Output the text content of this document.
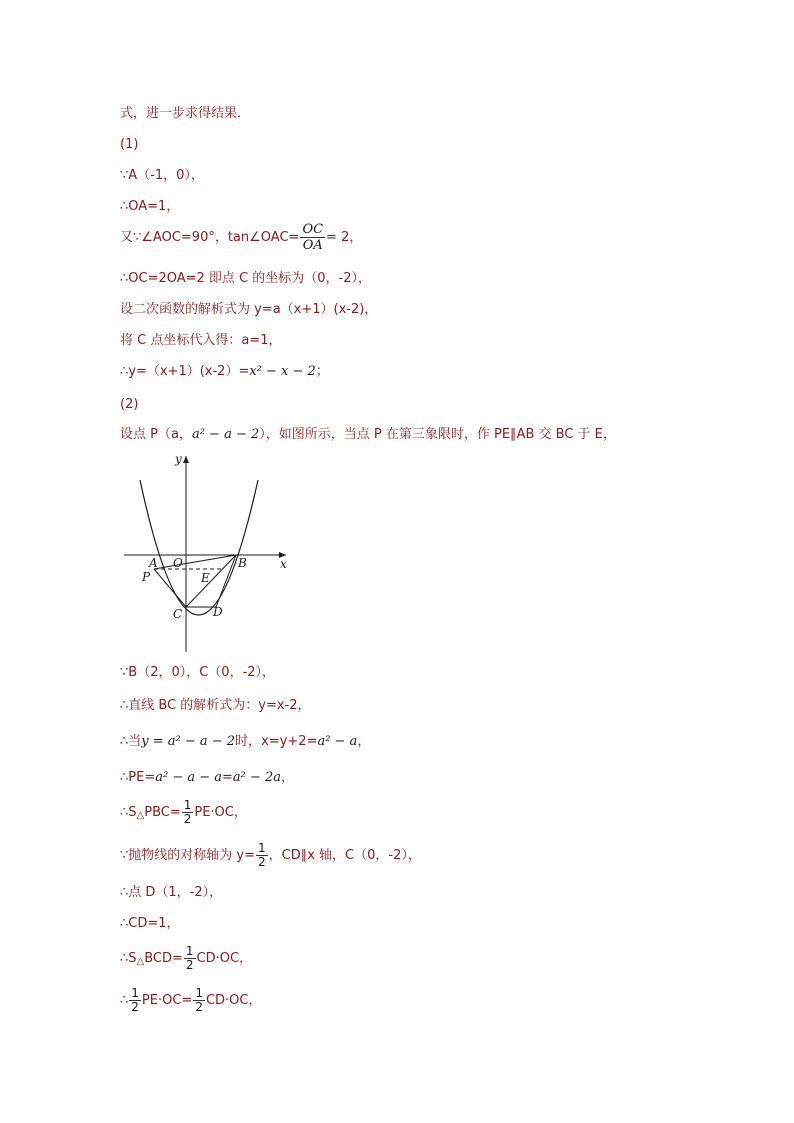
式，进一步求得结果．
(1)
∵A（-1，0），
∴OA=1，
又∵∠AOC=90°，tan∠OAC= $\frac{OC}{OA} = 2$，
∴OC=2OA=2 即点 C 的坐标为（0，-2），
设二次函数的解析式为 y=a（x+1）(x-2)，
将 C 点坐标代入得：a=1，
∴y=（x+1）(x-2）=x² − x − 2；
(2)
设点 P（a，a² − a − 2），如图所示，当点 P 在第三象限时，作 PE∥AB 交 BC 于 E，
y
x
O
A	B
P	E
C	D
∵B（2，0），C（0，-2），
∴直线 BC 的解析式为：y=x-2，
∴当y = a² − a − 2时，x=y+2=a² − a，
∴PE=a² − a − a=a² − 2a，
$\therefore S_\triangle PBC= \frac{1}{2} PE\cdot OC$，
∵抛物线的对称轴为 $y= \frac{1}{2}$ ，CD∥x 轴，C（0，-2），
∴点 D（1，-2），
∴CD=1，
$\therefore S_\triangle BCD= \frac{1}{2} CD\cdot OC$，
∴ $\frac{1}{2} PE\cdot OC= \frac{1}{2} CD\cdot OC$，
